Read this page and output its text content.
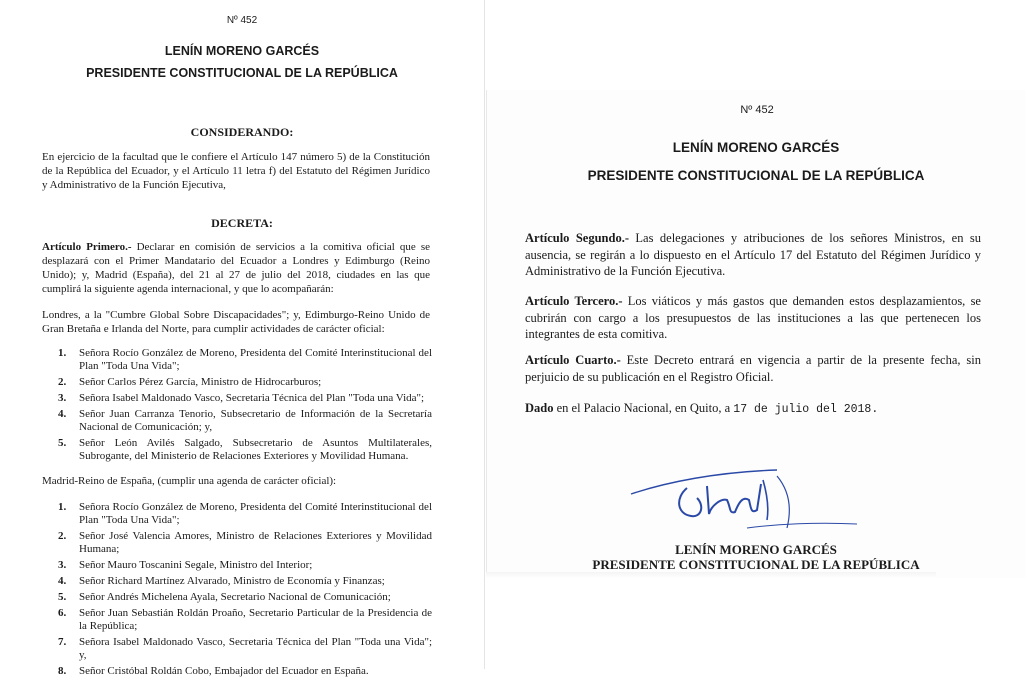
Nº 452
LENÍN MORENO GARCÉS
PRESIDENTE CONSTITUCIONAL DE LA REPÚBLICA
CONSIDERANDO:
En ejercicio de la facultad que le confiere el Artículo 147 número 5) de la Constitución de la República del Ecuador, y el Artículo 11 letra f) del Estatuto del Régimen Jurídico y Administrativo de la Función Ejecutiva,
DECRETA:
Artículo Primero.- Declarar en comisión de servicios a la comitiva oficial que se desplazará con el Primer Mandatario del Ecuador a Londres y Edimburgo (Reino Unido); y, Madrid (España), del 21 al 27 de julio del 2018, ciudades en las que cumplirá la siguiente agenda internacional, y que lo acompañarán:
Londres, a la "Cumbre Global Sobre Discapacidades"; y, Edimburgo-Reino Unido de Gran Bretaña e Irlanda del Norte, para cumplir actividades de carácter oficial:
1. Señora Rocío González de Moreno, Presidenta del Comité Interinstitucional del Plan "Toda Una Vida";
2. Señor Carlos Pérez García, Ministro de Hidrocarburos;
3. Señora Isabel Maldonado Vasco, Secretaria Técnica del Plan "Toda una Vida";
4. Señor Juan Carranza Tenorio, Subsecretario de Información de la Secretaría Nacional de Comunicación; y,
5. Señor León Avilés Salgado, Subsecretario de Asuntos Multilaterales, Subrogante, del Ministerio de Relaciones Exteriores y Movilidad Humana.
Madrid-Reino de España, (cumplir una agenda de carácter oficial):
1. Señora Rocío González de Moreno, Presidenta del Comité Interinstitucional del Plan "Toda Una Vida";
2. Señor José Valencia Amores, Ministro de Relaciones Exteriores y Movilidad Humana;
3. Señor Mauro Toscanini Segale, Ministro del Interior;
4. Señor Richard Martínez Alvarado, Ministro de Economía y Finanzas;
5. Señor Andrés Michelena Ayala, Secretario Nacional de Comunicación;
6. Señor Juan Sebastián Roldán Proaño, Secretario Particular de la Presidencia de la República;
7. Señora Isabel Maldonado Vasco, Secretaria Técnica del Plan "Toda una Vida"; y,
8. Señor Cristóbal Roldán Cobo, Embajador del Ecuador en España.
Nº 452
LENÍN MORENO GARCÉS
PRESIDENTE CONSTITUCIONAL DE LA REPÚBLICA
Artículo Segundo.- Las delegaciones y atribuciones de los señores Ministros, en su ausencia, se regirán a lo dispuesto en el Artículo 17 del Estatuto del Régimen Jurídico y Administrativo de la Función Ejecutiva.
Artículo Tercero.- Los viáticos y más gastos que demanden estos desplazamientos, se cubrirán con cargo a los presupuestos de las instituciones a las que pertenecen los integrantes de esta comitiva.
Artículo Cuarto.- Este Decreto entrará en vigencia a partir de la presente fecha, sin perjuicio de su publicación en el Registro Oficial.
Dado en el Palacio Nacional, en Quito, a 17 de julio del 2018.
LENÍN MORENO GARCÉS
PRESIDENTE CONSTITUCIONAL DE LA REPÚBLICA
